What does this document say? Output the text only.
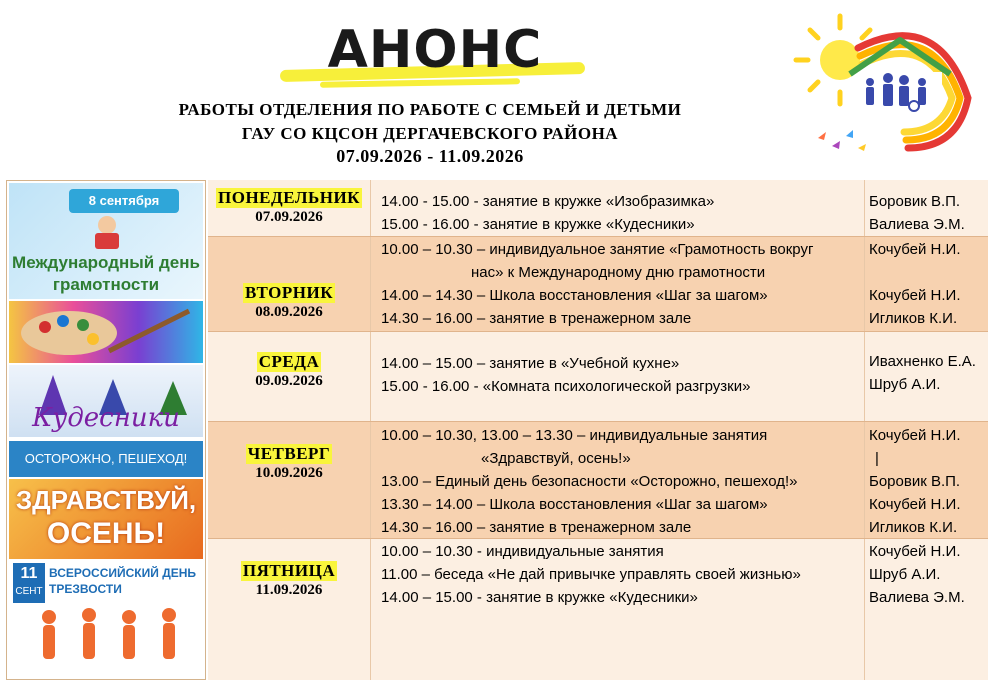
АНОНС
РАБОТЫ ОТДЕЛЕНИЯ ПО РАБОТЕ С СЕМЬЕЙ И ДЕТЬМИ
ГАУ СО КЦСОН ДЕРГАЧЕВСКОГО РАЙОНА
07.09.2026 - 11.09.2026
8 сентября
Международный день
грамотности
Кудесники
ОСТОРОЖНО, ПЕШЕХОД!
ЗДРАВСТВУЙ,
ОСЕНЬ!
11
СЕНТ
ВСЕРОССИЙСКИЙ ДЕНЬ
ТРЕЗВОСТИ
ПОНЕДЕЛЬНИК
07.09.2026
14.00 - 15.00 - занятие в кружке «Изобразимка»
15.00 - 16.00 - занятие в кружке «Кудесники»
Боровик В.П.
Валиева Э.М.
ВТОРНИК
08.09.2026
10.00 – 10.30 – индивидуальное занятие «Грамотность вокруг
нас» к Международному дню грамотности
14.00 – 14.30 – Школа восстановления «Шаг за шагом»
14.30 – 16.00 – занятие в тренажерном зале
Кочубей Н.И.
Кочубей Н.И.
Игликов К.И.
СРЕДА
09.09.2026
14.00 – 15.00 – занятие в «Учебной кухне»
15.00 - 16.00 - «Комната психологической разгрузки»
Ивахненко Е.А.
Шруб А.И.
ЧЕТВЕРГ
10.09.2026
10.00 – 10.30, 13.00 – 13.30 – индивидуальные занятия
«Здравствуй, осень!»
13.00 – Единый день безопасности «Осторожно, пешеход!»
13.30 – 14.00 – Школа восстановления «Шаг за шагом»
14.30 – 16.00 – занятие в тренажерном зале
Кочубей Н.И.
|
Боровик В.П.
Кочубей Н.И.
Игликов К.И.
ПЯТНИЦА
11.09.2026
10.00 – 10.30 - индивидуальные занятия
11.00 – беседа «Не дай привычке управлять своей жизнью»
14.00 – 15.00 - занятие в кружке «Кудесники»
Кочубей Н.И.
Шруб А.И.
Валиева Э.М.
